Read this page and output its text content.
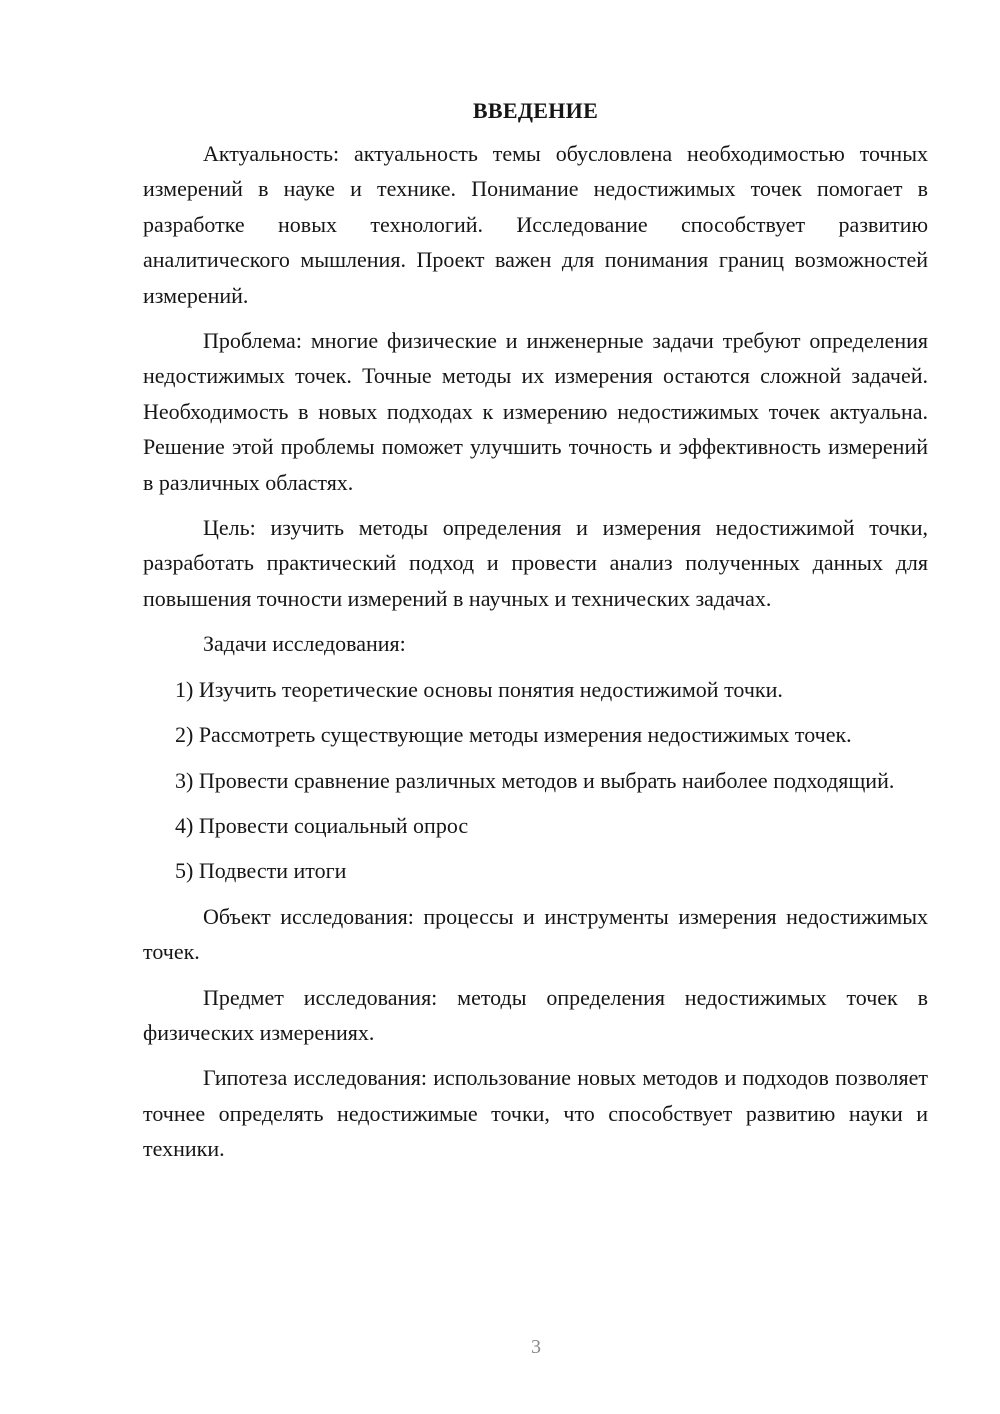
ВВЕДЕНИЕ

Актуальность: актуальность темы обусловлена необходимостью точных измерений в науке и технике. Понимание недостижимых точек помогает в разработке новых технологий. Исследование способствует развитию аналитического мышления. Проект важен для понимания границ возможностей измерений.

Проблема: многие физические и инженерные задачи требуют определения недостижимых точек. Точные методы их измерения остаются сложной задачей. Необходимость в новых подходах к измерению недостижимых точек актуальна. Решение этой проблемы поможет улучшить точность и эффективность измерений в различных областях.

Цель: изучить методы определения и измерения недостижимой точки, разработать практический подход и провести анализ полученных данных для повышения точности измерений в научных и технических задачах.

Задачи исследования:

1) Изучить теоретические основы понятия недостижимой точки.

2) Рассмотреть существующие методы измерения недостижимых точек.

3) Провести сравнение различных методов и выбрать наиболее подходящий.

4) Провести социальный опрос

5) Подвести итоги

Объект исследования: процессы и инструменты измерения недостижимых точек.

Предмет исследования: методы определения недостижимых точек в физических измерениях.

Гипотеза исследования: использование новых методов и подходов позволяет точнее определять недостижимые точки, что способствует развитию науки и техники.

3
